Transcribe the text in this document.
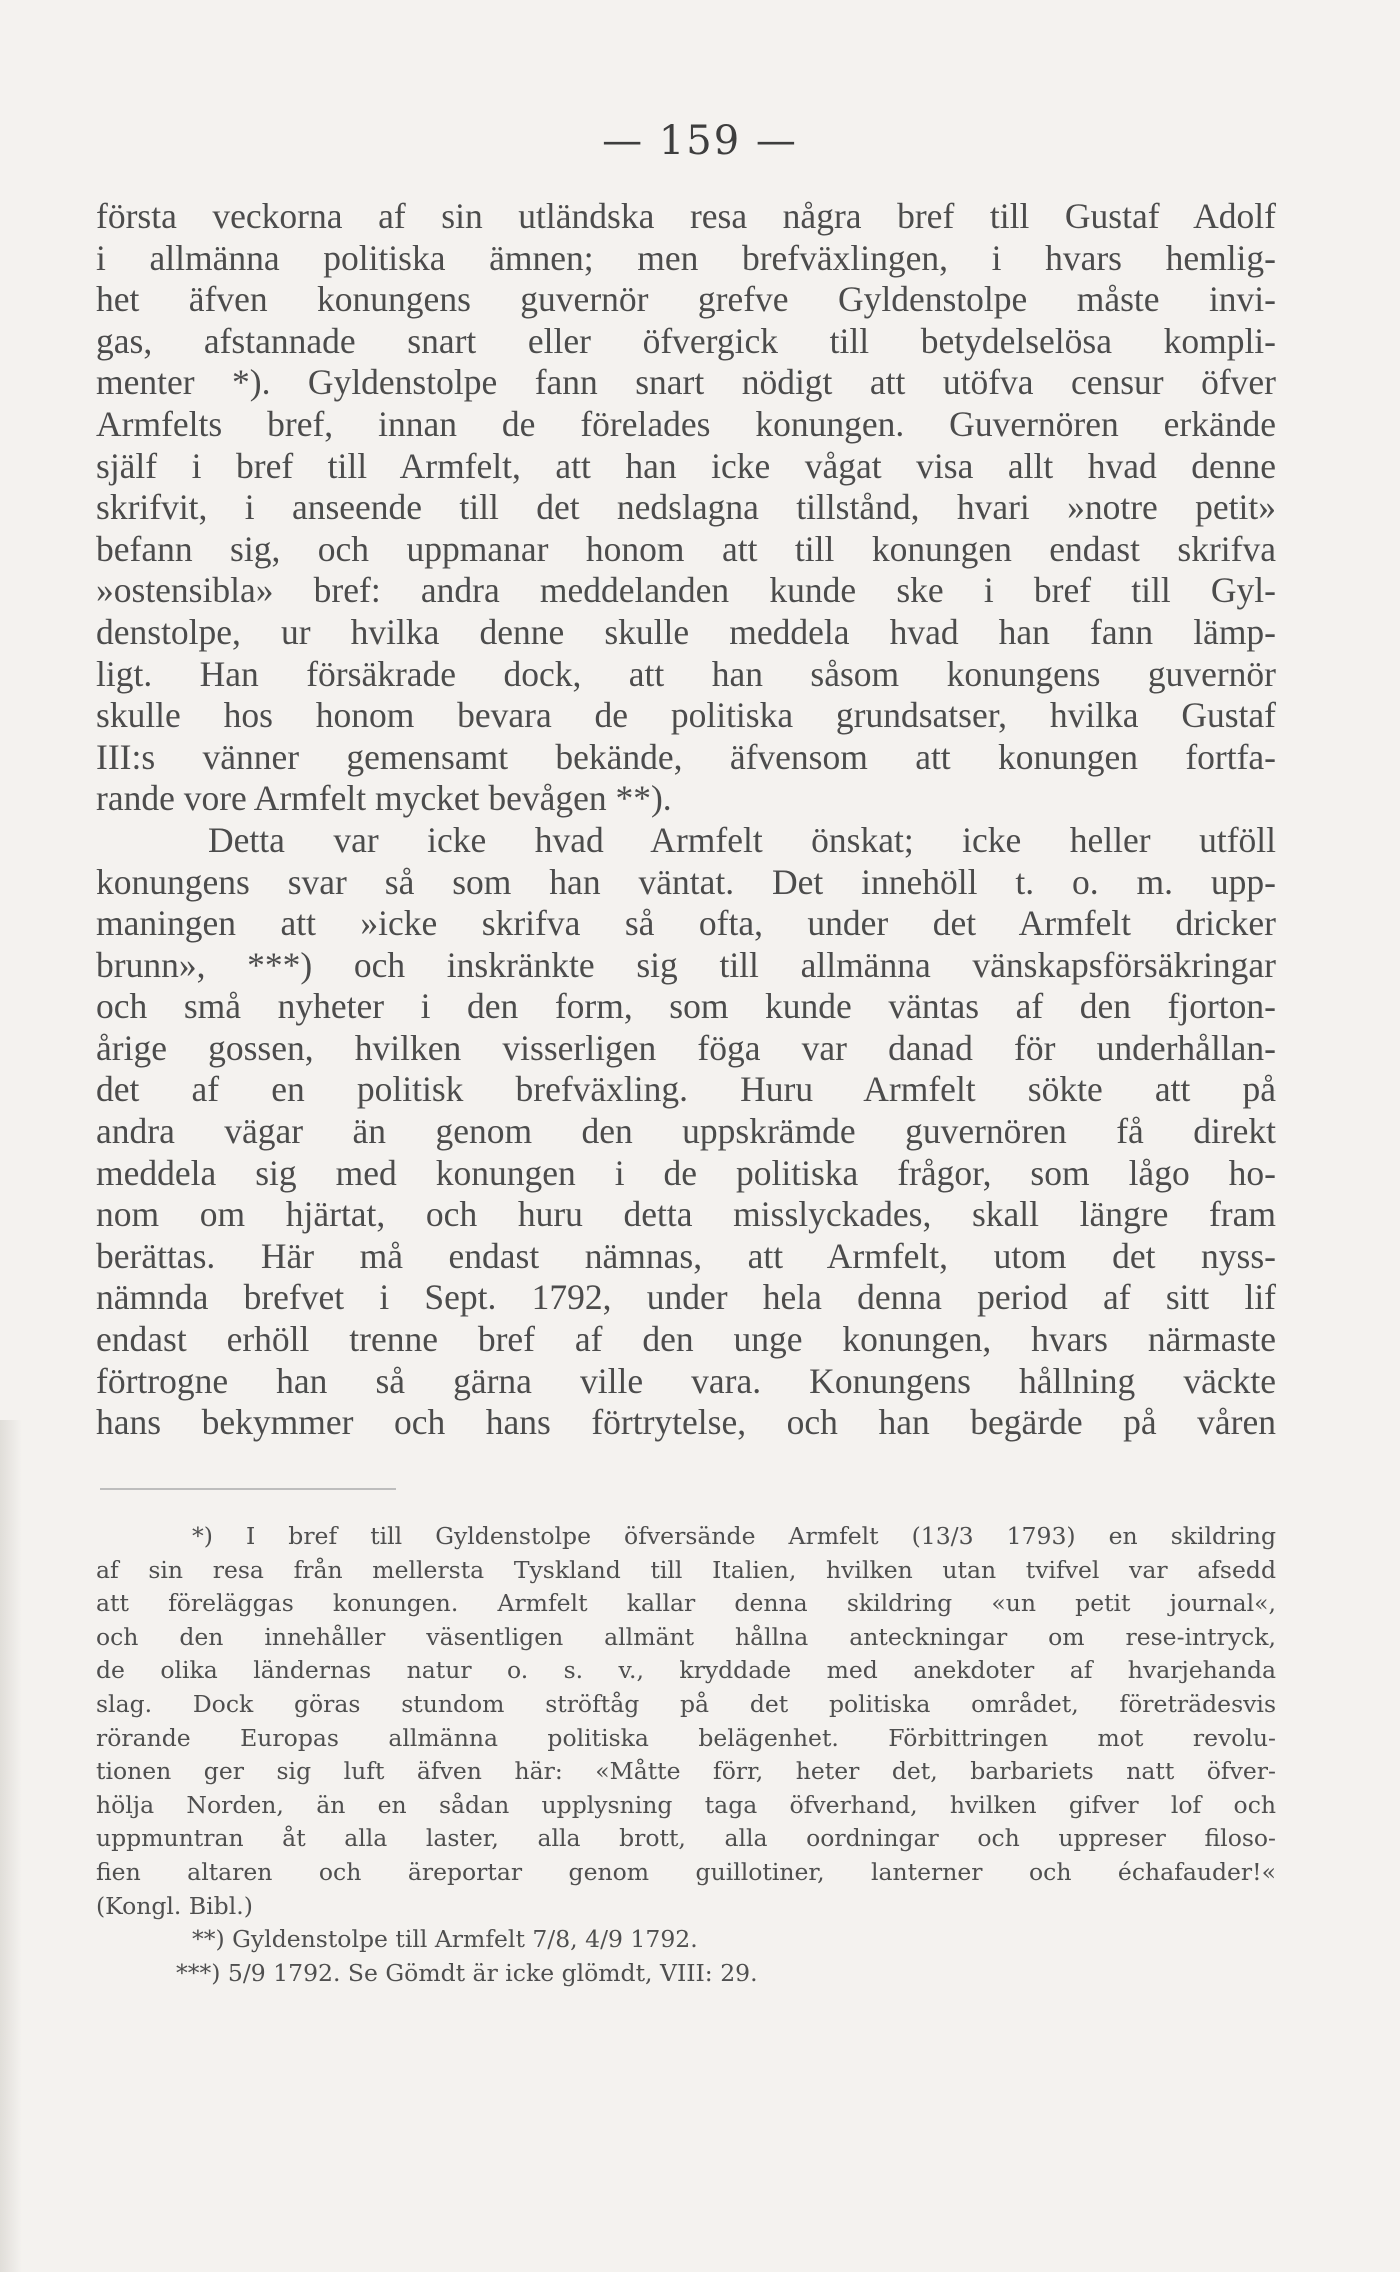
— 159 —
första veckorna af sin utländska resa några bref till Gustaf Adolf
i allmänna politiska ämnen; men brefväxlingen, i hvars hemlig-
het äfven konungens guvernör grefve Gyldenstolpe måste invi-
gas, afstannade snart eller öfvergick till betydelselösa kompli-
menter *). Gyldenstolpe fann snart nödigt att utöfva censur öfver
Armfelts bref, innan de förelades konungen. Guvernören erkände
själf i bref till Armfelt, att han icke vågat visa allt hvad denne
skrifvit, i anseende till det nedslagna tillstånd, hvari »notre petit»
befann sig, och uppmanar honom att till konungen endast skrifva
»ostensibla» bref: andra meddelanden kunde ske i bref till Gyl-
denstolpe, ur hvilka denne skulle meddela hvad han fann lämp-
ligt. Han försäkrade dock, att han såsom konungens guvernör
skulle hos honom bevara de politiska grundsatser, hvilka Gustaf
III:s vänner gemensamt bekände, äfvensom att konungen fortfa-
rande vore Armfelt mycket bevågen **).
Detta var icke hvad Armfelt önskat; icke heller utföll
konungens svar så som han väntat. Det innehöll t. o. m. upp-
maningen att »icke skrifva så ofta, under det Armfelt dricker
brunn», ***) och inskränkte sig till allmänna vänskapsförsäkringar
och små nyheter i den form, som kunde väntas af den fjorton-
årige gossen, hvilken visserligen föga var danad för underhållan-
det af en politisk brefväxling. Huru Armfelt sökte att på
andra vägar än genom den uppskrämde guvernören få direkt
meddela sig med konungen i de politiska frågor, som lågo ho-
nom om hjärtat, och huru detta misslyckades, skall längre fram
berättas. Här må endast nämnas, att Armfelt, utom det nyss-
nämnda brefvet i Sept. 1792, under hela denna period af sitt lif
endast erhöll trenne bref af den unge konungen, hvars närmaste
förtrogne han så gärna ville vara. Konungens hållning väckte
hans bekymmer och hans förtrytelse, och han begärde på våren
*) I bref till Gyldenstolpe öfversände Armfelt (13/3 1793) en skildring
af sin resa från mellersta Tyskland till Italien, hvilken utan tvifvel var afsedd
att föreläggas konungen. Armfelt kallar denna skildring «un petit journal«,
och den innehåller väsentligen allmänt hållna anteckningar om rese-intryck,
de olika ländernas natur o. s. v., kryddade med anekdoter af hvarjehanda
slag. Dock göras stundom ströftåg på det politiska området, företrädesvis
rörande Europas allmänna politiska belägenhet. Förbittringen mot revolu-
tionen ger sig luft äfven här: «Måtte förr, heter det, barbariets natt öfver-
hölja Norden, än en sådan upplysning taga öfverhand, hvilken gifver lof och
uppmuntran åt alla laster, alla brott, alla oordningar och uppreser filoso-
fien altaren och äreportar genom guillotiner, lanterner och échafauder!«
(Kongl. Bibl.)
**) Gyldenstolpe till Armfelt 7/8, 4/9 1792.
***) 5/9 1792. Se Gömdt är icke glömdt, VIII: 29.
